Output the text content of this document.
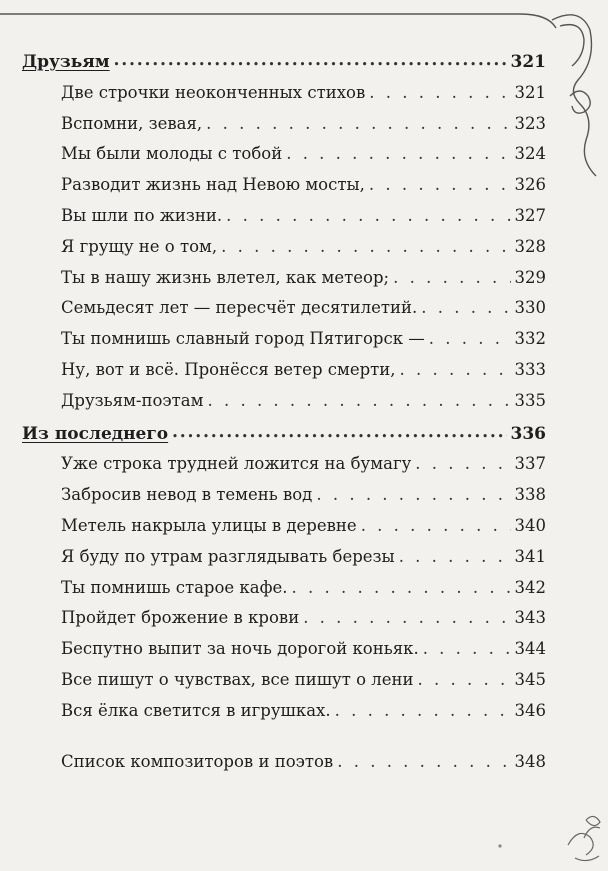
Друзьям •••••	321
Две строчки неоконченных стихов . . .	321
Вспомни, зевая, . . .	323
Мы были молоды с тобой . . .	324
Разводит жизнь над Невою мосты, . . .	326
Вы шли по жизни. . . .	327
Я грущу не о том, . . .	328
Ты в нашу жизнь влетел, как метеор; . . .	329
Семьдесят лет — пересчёт десятилетий. . . .	330
Ты помнишь славный город Пятигорск — . . .	332
Ну, вот и всё. Пронёсся ветер смерти, . . .	333
Друзьям-поэтам . . .	335
Из последнего •••••	336
Уже строка трудней ложится на бумагу . . .	337
Забросив невод в темень вод . . .	338
Метель накрыла улицы в деревне . . .	340
Я буду по утрам разглядывать березы . . .	341
Ты помнишь старое кафе. . . .	342
Пройдет брожение в крови . . .	343
Беспутно выпит за ночь дорогой коньяк. . . .	344
Все пишут о чувствах, все пишут о лени . . .	345
Вся ёлка светится в игрушках. . . .	346
Список композиторов и поэтов . . .	348
